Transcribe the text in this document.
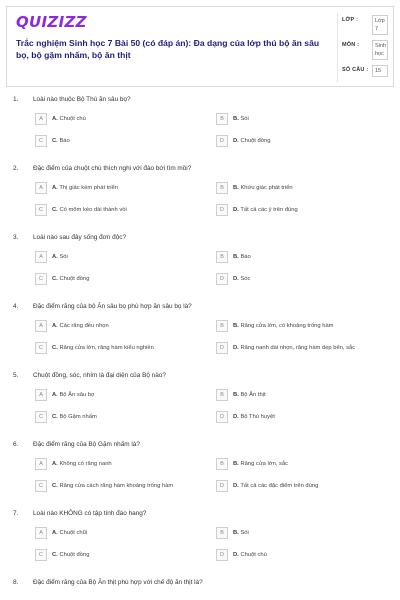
QUIZIZZ
Trắc nghiệm Sinh học 7 Bài 50 (có đáp án): Đa dạng của lớp thú bộ ăn sâu bọ, bộ gặm nhấm, bộ ăn thịt
LỚP :	Lớp 7
MÔN :	Sinh học
SỐ CÂU :	15
1.	Loài nào thuộc Bộ Thú ăn sâu bọ?
A	A. Chuột chù	B	B. Sói
C	C. Báo	D	D. Chuột đồng
2.	Đặc điểm của chuột chù thích nghi với đào bới tìm mồi?
A	A. Thị giác kém phát triển	B	B. Khứu giác phát triển
C	C. Có mõm kéo dài thành vòi	D	D. Tất cả các ý trên đúng
3.	Loài nào sau đây sống đơn độc?
A	A. Sói	B	B. Báo
C	C. Chuột đồng	D	D. Sóc
4.	Đặc điểm răng của bộ Ăn sâu bọ phù hợp ăn sâu bọ là?
A	A. Các răng đều nhọn	B	B. Răng cửa lớn, có khoảng trống hàm
C	C. Răng cửa lớn, răng hàm kiểu nghiền	D	D. Răng nanh dài nhọn, răng hàm dẹp bên, sắc
5.	Chuột đồng, sóc, nhím là đại diện của Bộ nào?
A	A. Bộ Ăn sâu bọ	B	B. Bộ Ăn thịt
C	C. Bộ Gặm nhấm	D	D. Bộ Thú huyệt
6.	Đặc điểm răng của Bộ Gặm nhấm là?
A	A. Không có răng nanh	B	B. Răng cửa lớn, sắc
C	C. Răng cửa cách răng hàm khoảng trống hàm	D	D. Tất cả các đặc điểm trên đúng
7.	Loài nào KHÔNG có tập tính đào hang?
A	A. Chuột chũi	B	B. Sói
C	C. Chuột đồng	D	D. Chuột chù
8.	Đặc điểm răng của Bộ Ăn thịt phù hợp với chế độ ăn thịt là?
